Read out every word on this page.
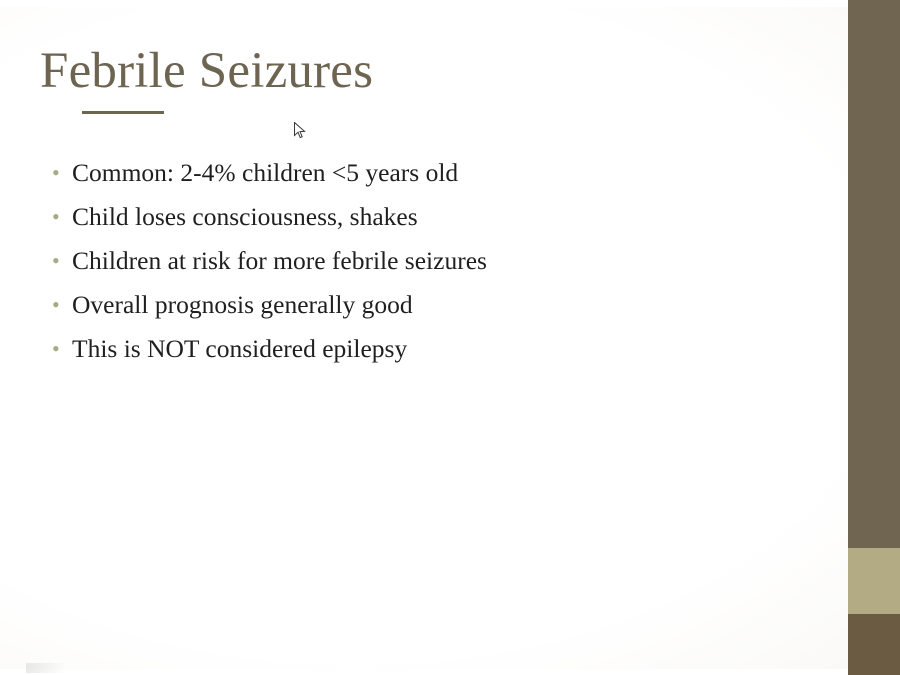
Febrile Seizures
• Common: 2-4% children <5 years old
• Child loses consciousness, shakes
• Children at risk for more febrile seizures
• Overall prognosis generally good
• This is NOT considered epilepsy
